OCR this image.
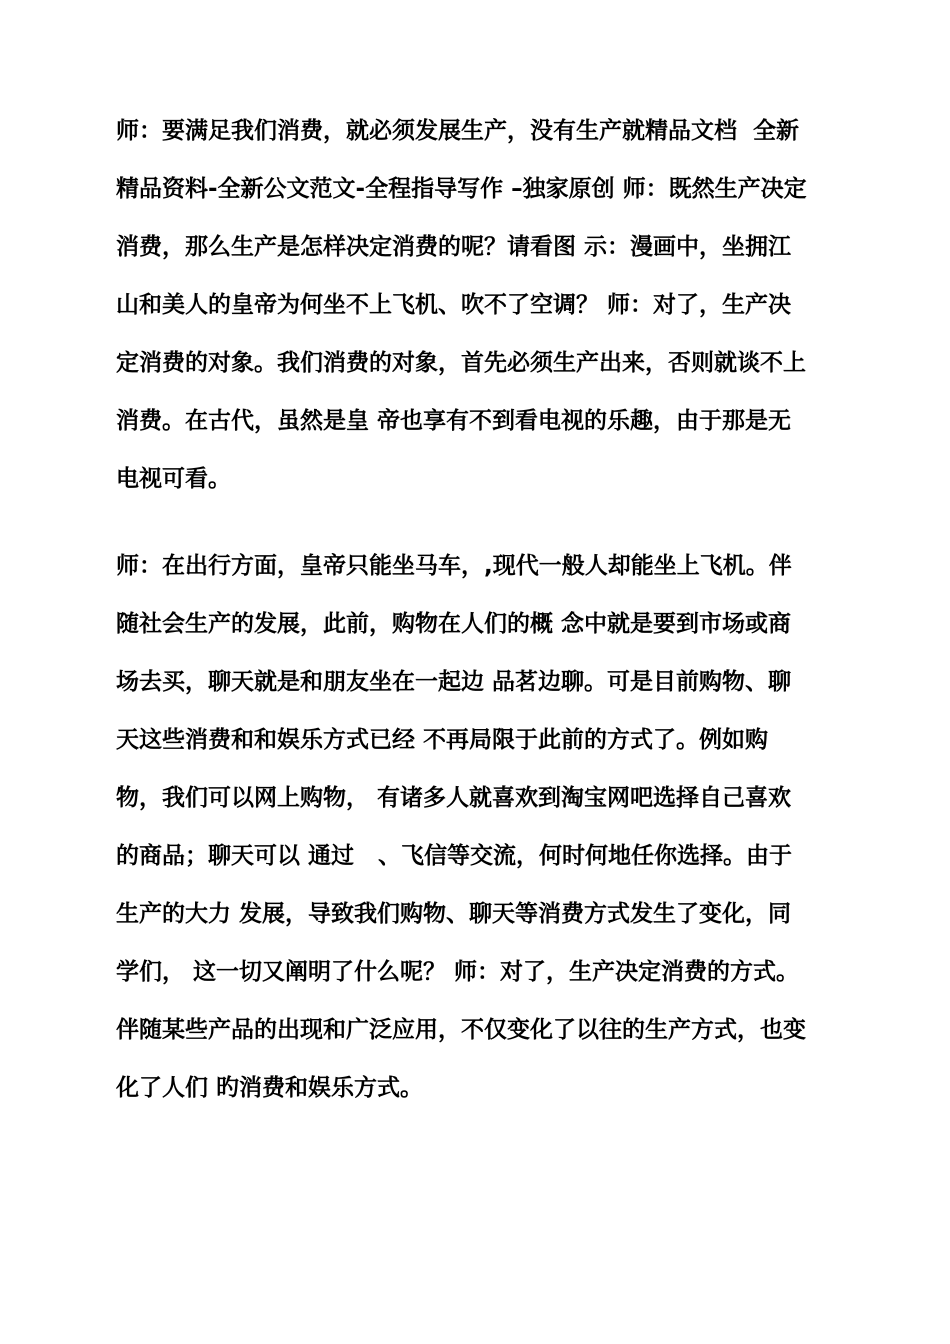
师：要满足我们消费，就必须发展生产，没有生产就精品文档  全新
精品资料-全新公文范文-全程指导写作 –独家原创 师：既然生产决定
消费，那么生产是怎样决定消费的呢？请看图 示：漫画中，坐拥江
山和美人的皇帝为何坐不上飞机、吹不了空调？ 师：对了，生产决
定消费的对象。我们消费的对象，首先必须生产出来，否则就谈不上
消费。在古代，虽然是皇 帝也享有不到看电视的乐趣，由于那是无
电视可看。
师：在出行方面，皇帝只能坐马车，,现代一般人却能坐上飞机。伴
随社会生产的发展，此前，购物在人们的概 念中就是要到市场或商
场去买，聊天就是和朋友坐在一起边 品茗边聊。可是目前购物、聊
天这些消费和和娱乐方式已经 不再局限于此前的方式了。例如购
物，我们可以网上购物， 有诸多人就喜欢到淘宝网吧选择自己喜欢
的商品；聊天可以 通过   、飞信等交流，何时何地任你选择。由于
生产的大力 发展，导致我们购物、聊天等消费方式发生了变化，同
学们， 这一切又阐明了什么呢？ 师：对了，生产决定消费的方式。
伴随某些产品的出现和广泛应用，不仅变化了以往的生产方式，也变
化了人们 旳消费和娱乐方式。
